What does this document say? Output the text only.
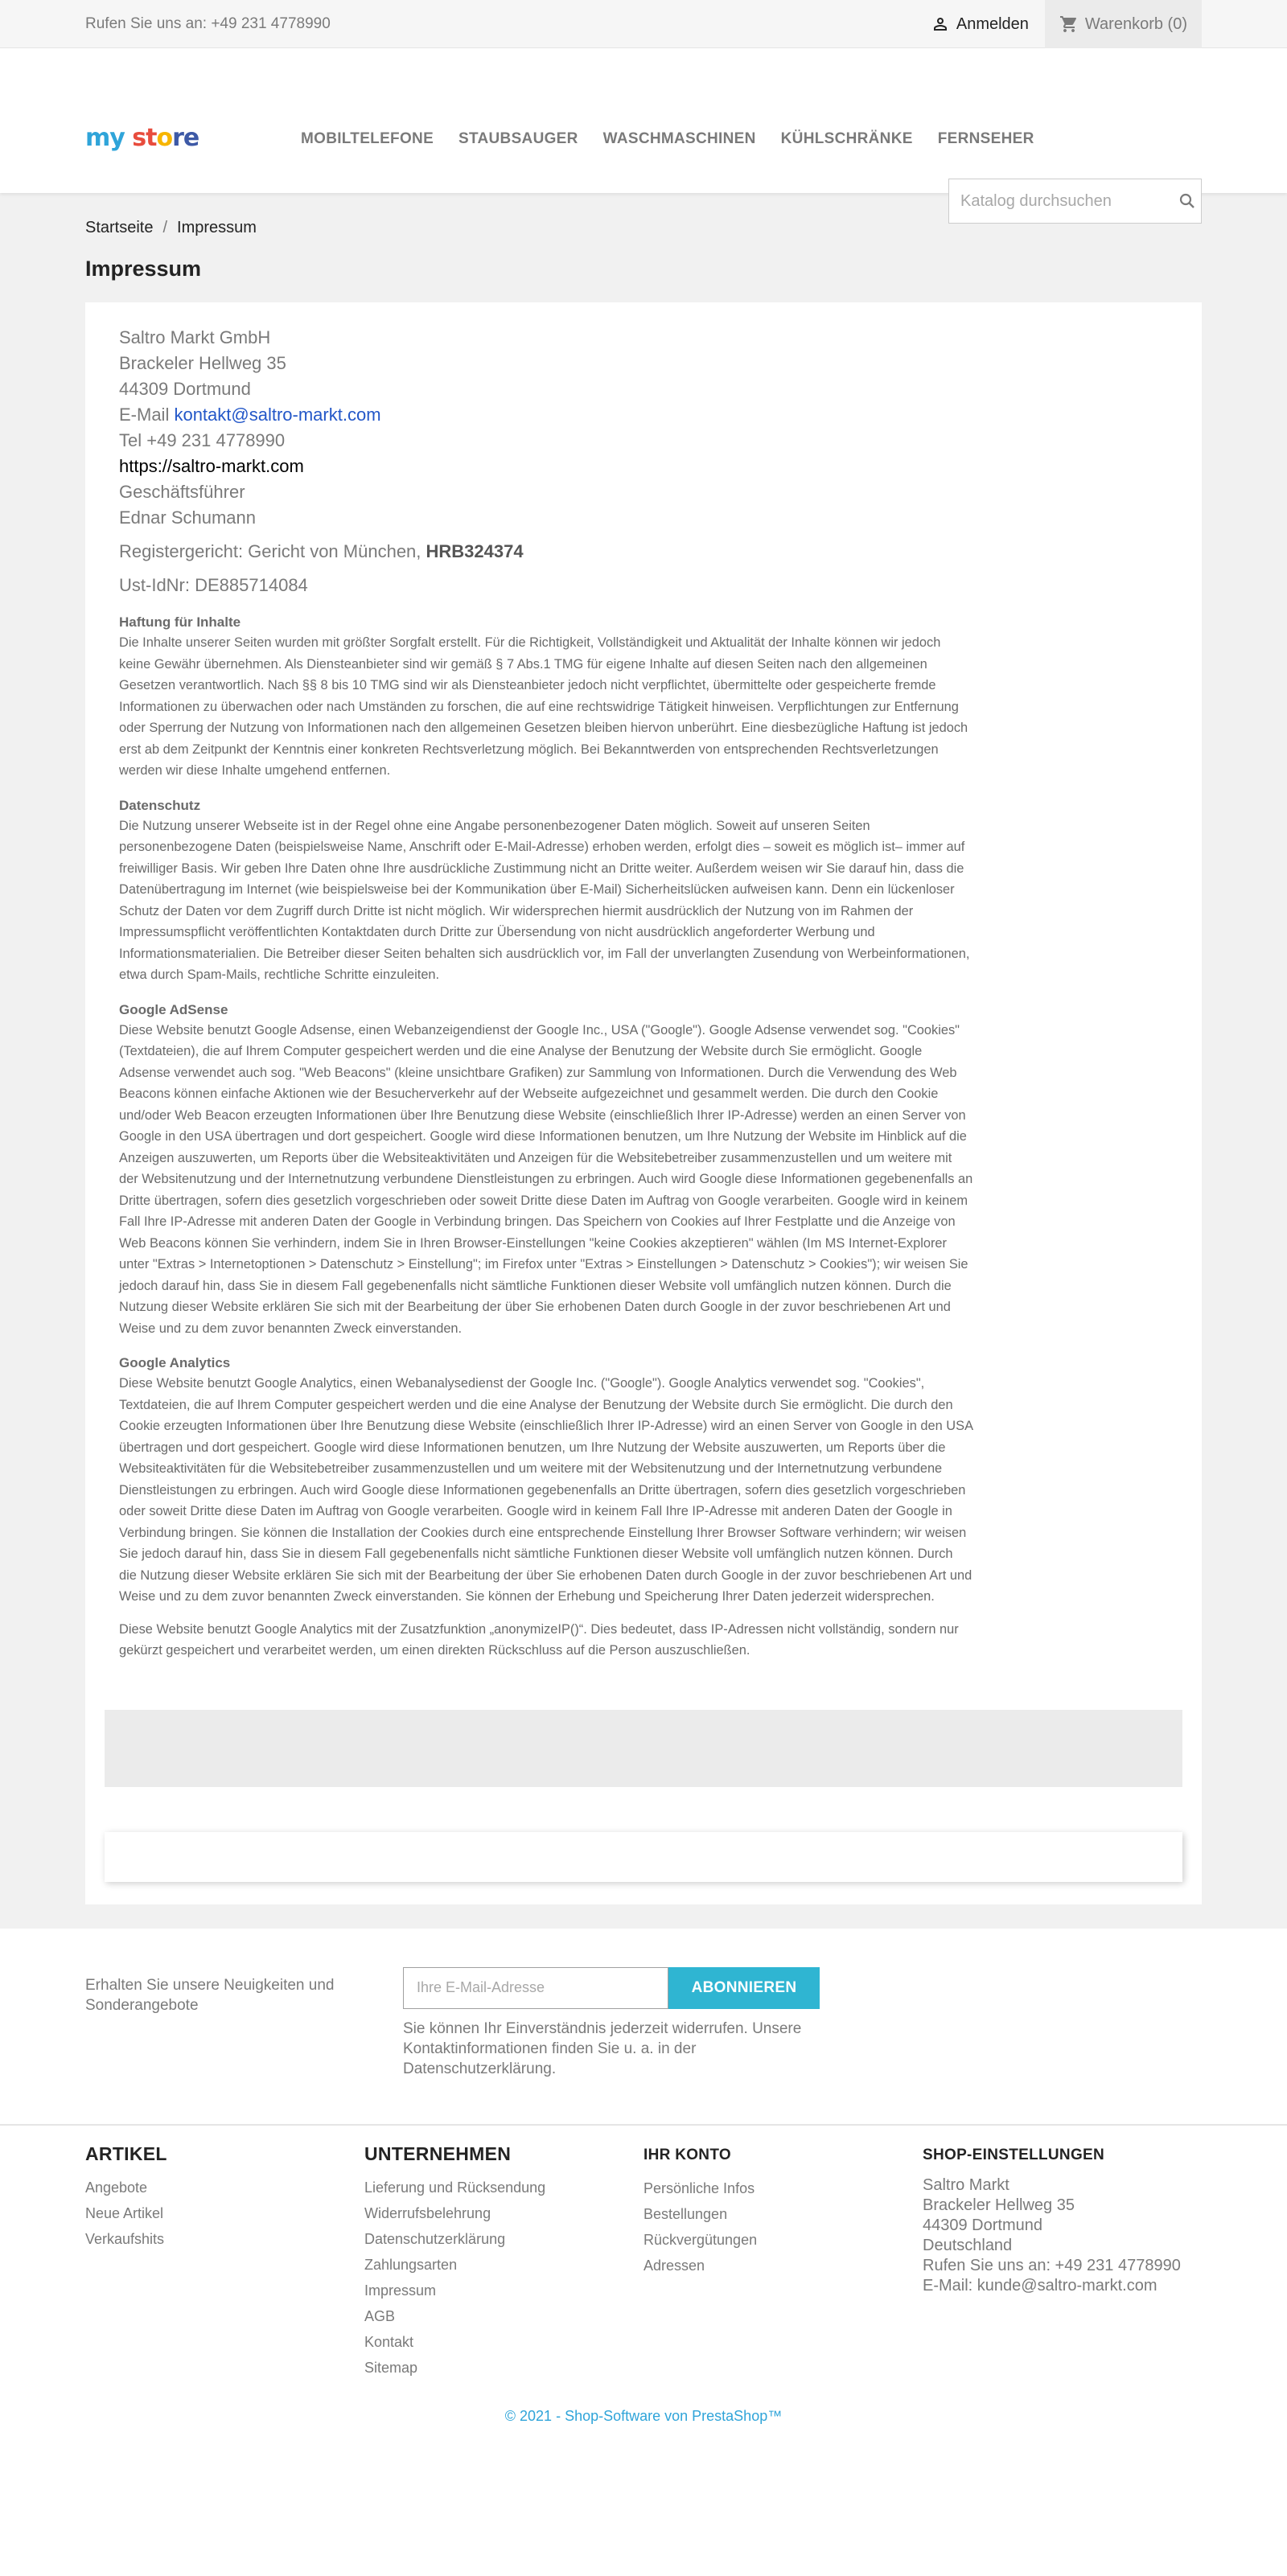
Rufen Sie uns an: +49 231 4778990	Anmelden	Warenkorb (0)
my store	MOBILTELEFONE STAUBSAUGER WASCHMASCHINEN KÜHLSCHRÄNKE FERNSEHER
Katalog durchsuchen
Startseite / Impressum
Impressum
Saltro Markt GmbH
Brackeler Hellweg 35
44309 Dortmund
E-Mail kontakt@saltro-markt.com
Tel +49 231 4778990
https://saltro-markt.com
Geschäftsführer
Ednar Schumann
Registergericht: Gericht von München, HRB324374
Ust-IdNr: DE885714084
Haftung für Inhalte

Die Inhalte unserer Seiten wurden mit größter Sorgfalt erstellt. Für die Richtigkeit, Vollständigkeit und Aktualität der Inhalte können wir jedoch keine Gewähr übernehmen. Als Diensteanbieter sind wir gemäß § 7 Abs.1 TMG für eigene Inhalte auf diesen Seiten nach den allgemeinen Gesetzen verantwortlich. Nach §§ 8 bis 10 TMG sind wir als Diensteanbieter jedoch nicht verpflichtet, übermittelte oder gespeicherte fremde Informationen zu überwachen oder nach Umständen zu forschen, die auf eine rechtswidrige Tätigkeit hinweisen. Verpflichtungen zur Entfernung oder Sperrung der Nutzung von Informationen nach den allgemeinen Gesetzen bleiben hiervon unberührt. Eine diesbezügliche Haftung ist jedoch erst ab dem Zeitpunkt der Kenntnis einer konkreten Rechtsverletzung möglich. Bei Bekanntwerden von entsprechenden Rechtsverletzungen werden wir diese Inhalte umgehend entfernen.

Datenschutz

Die Nutzung unserer Webseite ist in der Regel ohne eine Angabe personenbezogener Daten möglich. Soweit auf unseren Seiten personenbezogene Daten (beispielsweise Name, Anschrift oder E-Mail-Adresse) erhoben werden, erfolgt dies – soweit es möglich ist– immer auf freiwilliger Basis. Wir geben Ihre Daten ohne Ihre ausdrückliche Zustimmung nicht an Dritte weiter. Außerdem weisen wir Sie darauf hin, dass die Datenübertragung im Internet (wie beispielsweise bei der Kommunikation über E-Mail) Sicherheitslücken aufweisen kann. Denn ein lückenloser Schutz der Daten vor dem Zugriff durch Dritte ist nicht möglich. Wir widersprechen hiermit ausdrücklich der Nutzung von im Rahmen der Impressumspflicht veröffentlichten Kontaktdaten durch Dritte zur Übersendung von nicht ausdrücklich angeforderter Werbung und Informationsmaterialien. Die Betreiber dieser Seiten behalten sich ausdrücklich vor, im Fall der unverlangten Zusendung von Werbeinformationen, etwa durch Spam-Mails, rechtliche Schritte einzuleiten.

Google AdSense

Diese Website benutzt Google Adsense, einen Webanzeigendienst der Google Inc., USA ("Google"). Google Adsense verwendet sog. "Cookies" (Textdateien), die auf Ihrem Computer gespeichert werden und die eine Analyse der Benutzung der Website durch Sie ermöglicht. Google Adsense verwendet auch sog. "Web Beacons" (kleine unsichtbare Grafiken) zur Sammlung von Informationen. Durch die Verwendung des Web Beacons können einfache Aktionen wie der Besucherverkehr auf der Webseite aufgezeichnet und gesammelt werden. Die durch den Cookie und/oder Web Beacon erzeugten Informationen über Ihre Benutzung diese Website (einschließlich Ihrer IP-Adresse) werden an einen Server von Google in den USA übertragen und dort gespeichert. Google wird diese Informationen benutzen, um Ihre Nutzung der Website im Hinblick auf die Anzeigen auszuwerten, um Reports über die Websiteaktivitäten und Anzeigen für die Websitebetreiber zusammenzustellen und um weitere mit der Websitenutzung und der Internetnutzung verbundene Dienstleistungen zu erbringen. Auch wird Google diese Informationen gegebenenfalls an Dritte übertragen, sofern dies gesetzlich vorgeschrieben oder soweit Dritte diese Daten im Auftrag von Google verarbeiten. Google wird in keinem Fall Ihre IP-Adresse mit anderen Daten der Google in Verbindung bringen. Das Speichern von Cookies auf Ihrer Festplatte und die Anzeige von Web Beacons können Sie verhindern, indem Sie in Ihren Browser-Einstellungen "keine Cookies akzeptieren" wählen (Im MS Internet-Explorer unter "Extras > Internetoptionen > Datenschutz > Einstellung"; im Firefox unter "Extras > Einstellungen > Datenschutz > Cookies"); wir weisen Sie jedoch darauf hin, dass Sie in diesem Fall gegebenenfalls nicht sämtliche Funktionen dieser Website voll umfänglich nutzen können. Durch die Nutzung dieser Website erklären Sie sich mit der Bearbeitung der über Sie erhobenen Daten durch Google in der zuvor beschriebenen Art und Weise und zu dem zuvor benannten Zweck einverstanden.

Google Analytics

Diese Website benutzt Google Analytics, einen Webanalysedienst der Google Inc. ("Google"). Google Analytics verwendet sog. "Cookies", Textdateien, die auf Ihrem Computer gespeichert werden und die eine Analyse der Benutzung der Website durch Sie ermöglicht. Die durch den Cookie erzeugten Informationen über Ihre Benutzung diese Website (einschließlich Ihrer IP-Adresse) wird an einen Server von Google in den USA übertragen und dort gespeichert. Google wird diese Informationen benutzen, um Ihre Nutzung der Website auszuwerten, um Reports über die Websiteaktivitäten für die Websitebetreiber zusammenzustellen und um weitere mit der Websitenutzung und der Internetnutzung verbundene Dienstleistungen zu erbringen. Auch wird Google diese Informationen gegebenenfalls an Dritte übertragen, sofern dies gesetzlich vorgeschrieben oder soweit Dritte diese Daten im Auftrag von Google verarbeiten. Google wird in keinem Fall Ihre IP-Adresse mit anderen Daten der Google in Verbindung bringen. Sie können die Installation der Cookies durch eine entsprechende Einstellung Ihrer Browser Software verhindern; wir weisen Sie jedoch darauf hin, dass Sie in diesem Fall gegebenenfalls nicht sämtliche Funktionen dieser Website voll umfänglich nutzen können. Durch die Nutzung dieser Website erklären Sie sich mit der Bearbeitung der über Sie erhobenen Daten durch Google in der zuvor beschriebenen Art und Weise und zu dem zuvor benannten Zweck einverstanden. Sie können der Erhebung und Speicherung Ihrer Daten jederzeit widersprechen.

Diese Website benutzt Google Analytics mit der Zusatzfunktion „anonymizeIP()“. Dies bedeutet, dass IP-Adressen nicht vollständig, sondern nur gekürzt gespeichert und verarbeitet werden, um einen direkten Rückschluss auf die Person auszuschließen.

Erhalten Sie unsere Neuigkeiten und Sonderangebote
Ihre E-Mail-Adresse
ABONNIEREN
Sie können Ihr Einverständnis jederzeit widerrufen. Unsere Kontaktinformationen finden Sie u. a. in der Datenschutzerklärung.
ARTIKEL
Angebote
Neue Artikel
Verkaufshits
UNTERNEHMEN
Lieferung und Rücksendung
Widerrufsbelehrung
Datenschutzerklärung
Zahlungsarten
Impressum
AGB
Kontakt
Sitemap
IHR KONTO
Persönliche Infos
Bestellungen
Rückvergütungen
Adressen
SHOP-EINSTELLUNGEN
Saltro Markt
Brackeler Hellweg 35
44309 Dortmund
Deutschland
Rufen Sie uns an: +49 231 4778990
E-Mail: kunde@saltro-markt.com
© 2021 - Shop-Software von PrestaShop™
